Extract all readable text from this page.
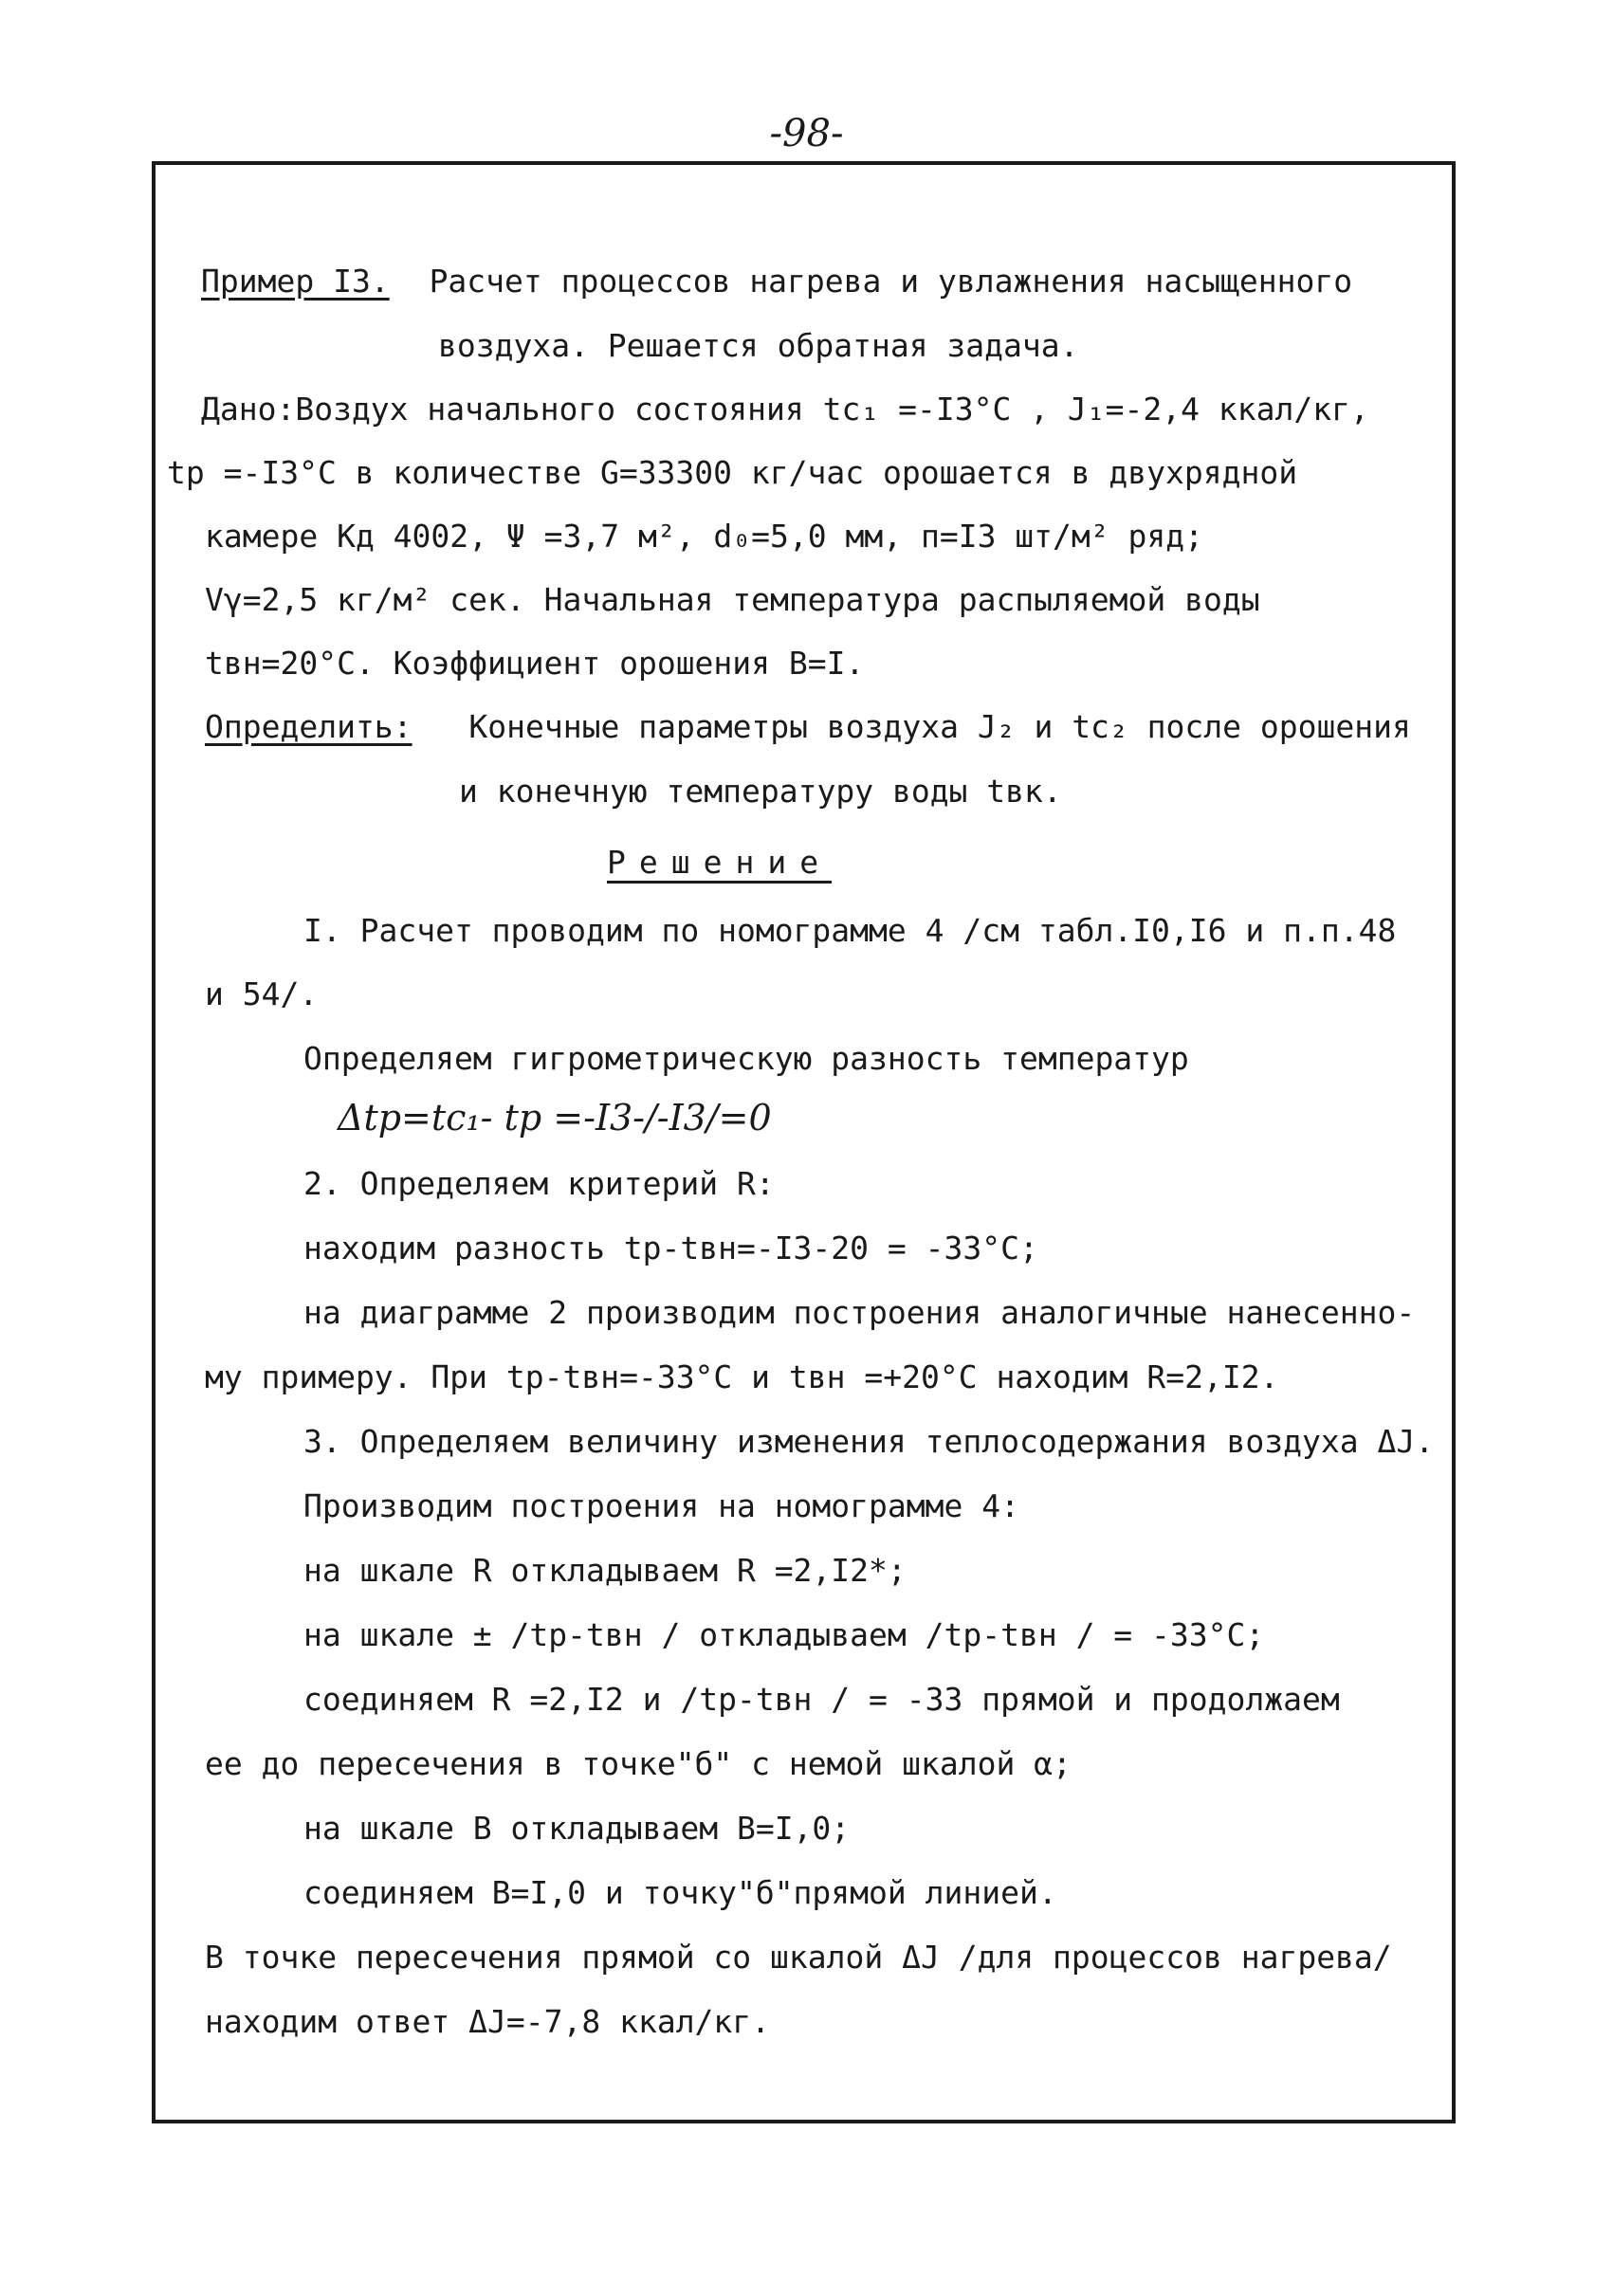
-98-
Пример I3. Расчет процессов нагрева и увлажнения насыщенного
воздуха. Решается обратная задача.
Дано:Воздух начального состояния tс₁ =-I3°С , J₁=-2,4 ккал/кг,
tр =-I3°С в количестве G=33300 кг/час орошается в двухрядной
камере Кд 4002, Ψ =3,7 м², d₀=5,0 мм, п=I3 шт/м² ряд;
Vγ=2,5 кг/м² сек. Начальная температура распыляемой воды
tвн=20°С. Коэффициент орошения В=I.
Определить: Конечные параметры воздуха J₂ и tс₂ после орошения
и конечную температуру воды tвк.
Решение
I. Расчет проводим по номограмме 4 /см табл.I0,I6 и п.п.48
и 54/.
Определяем гигрометрическую разность температур
Δtр=tс₁- tр =-I3-/-I3/=0
2. Определяем критерий R:
находим разность tр-tвн=-I3-20 = -33°С;
на диаграмме 2 производим построения аналогичные нанесенно-
му примеру. При tр-tвн=-33°С и tвн =+20°С находим R=2,I2.
3. Определяем величину изменения теплосодержания воздуха ΔJ.
Производим построения на номограмме 4:
на шкале R откладываем R =2,I2*;
на шкале ± /tр-tвн / откладываем /tр-tвн / = -33°С;
соединяем R =2,I2 и /tр-tвн / = -33 прямой и продолжаем
ее до пересечения в точке"б" с немой шкалой α;
на шкале В откладываем В=I,0;
соединяем В=I,0 и точку"б"прямой линией.
В точке пересечения прямой со шкалой ΔJ /для процессов нагрева/
находим ответ ΔJ=-7,8 ккал/кг.
